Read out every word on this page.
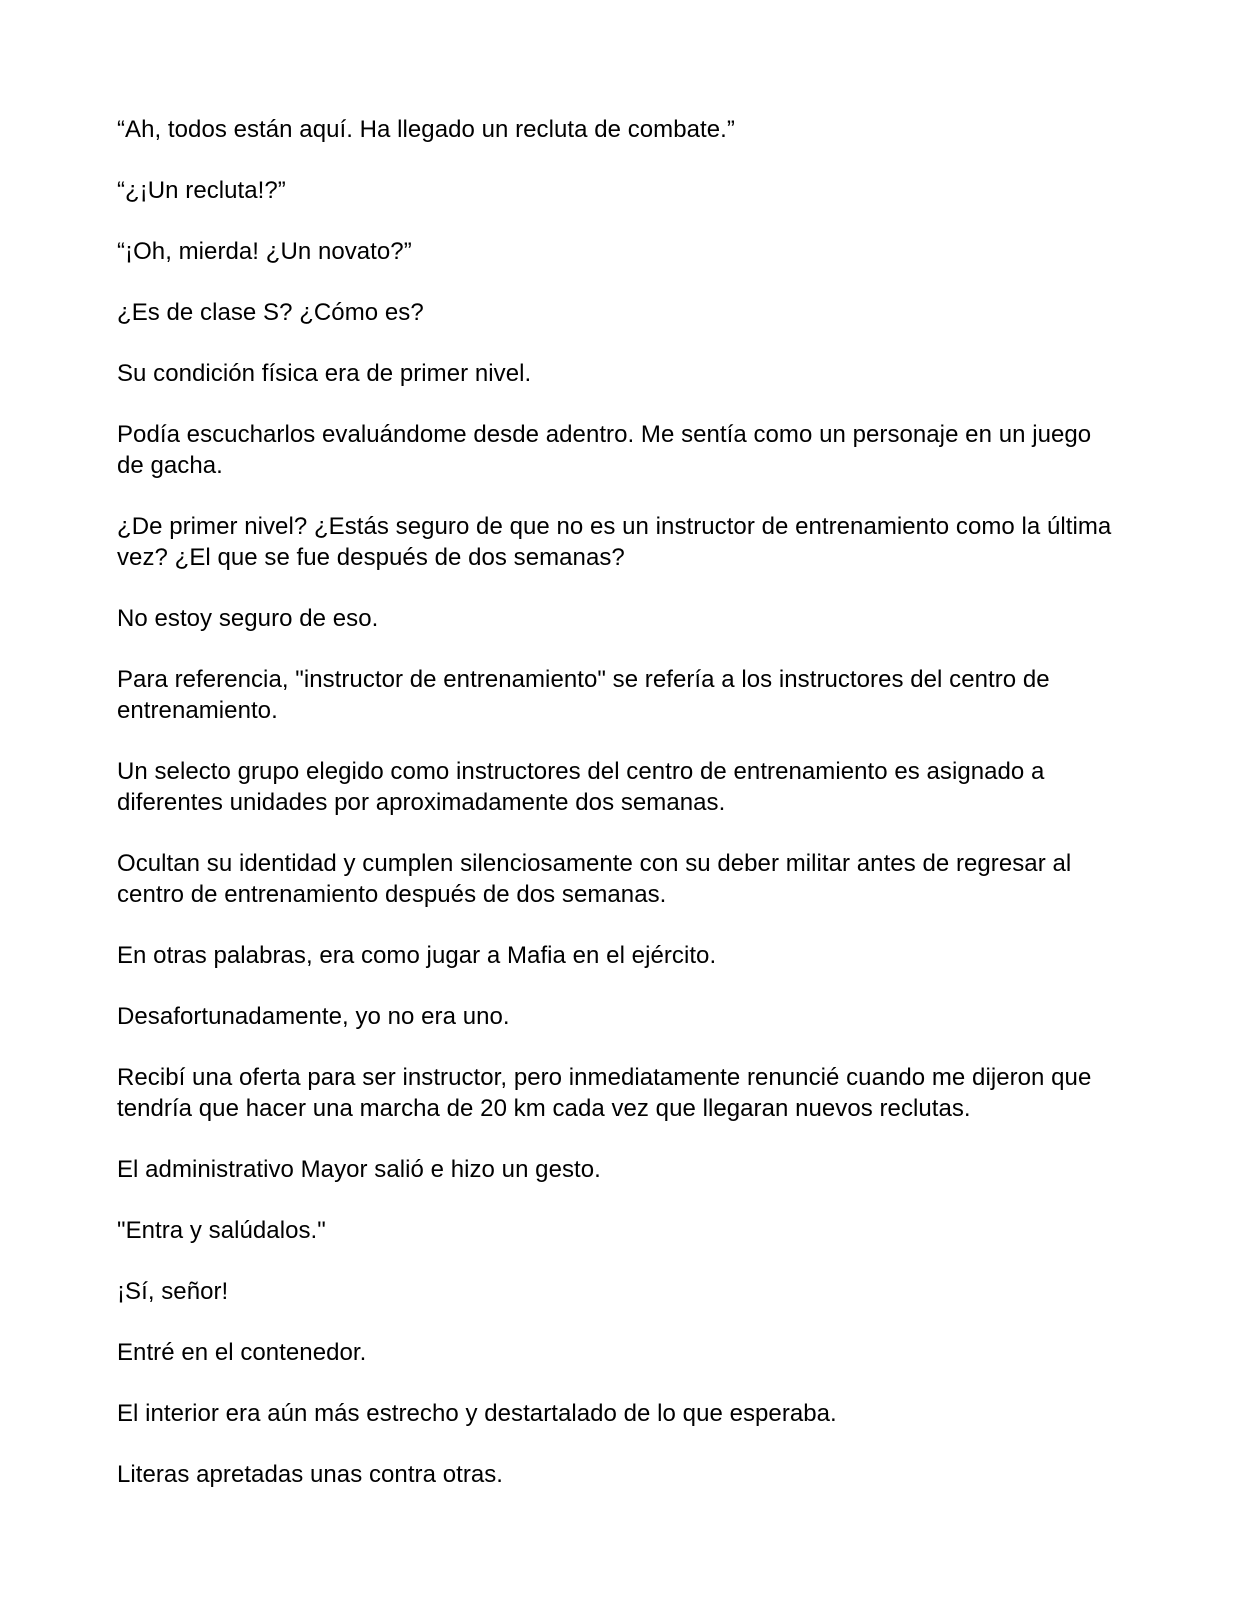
“Ah, todos están aquí. Ha llegado un recluta de combate.”

“¿¡Un recluta!?”

“¡Oh, mierda! ¿Un novato?”

¿Es de clase S? ¿Cómo es?

Su condición física era de primer nivel.

Podía escucharlos evaluándome desde adentro. Me sentía como un personaje en un juego de gacha.

¿De primer nivel? ¿Estás seguro de que no es un instructor de entrenamiento como la última vez? ¿El que se fue después de dos semanas?

No estoy seguro de eso.

Para referencia, "instructor de entrenamiento" se refería a los instructores del centro de entrenamiento.

Un selecto grupo elegido como instructores del centro de entrenamiento es asignado a diferentes unidades por aproximadamente dos semanas.

Ocultan su identidad y cumplen silenciosamente con su deber militar antes de regresar al centro de entrenamiento después de dos semanas.

En otras palabras, era como jugar a Mafia en el ejército.

Desafortunadamente, yo no era uno.

Recibí una oferta para ser instructor, pero inmediatamente renuncié cuando me dijeron que tendría que hacer una marcha de 20 km cada vez que llegaran nuevos reclutas.

El administrativo Mayor salió e hizo un gesto.

"Entra y salúdalos."

¡Sí, señor!

Entré en el contenedor.

El interior era aún más estrecho y destartalado de lo que esperaba.

Literas apretadas unas contra otras.
